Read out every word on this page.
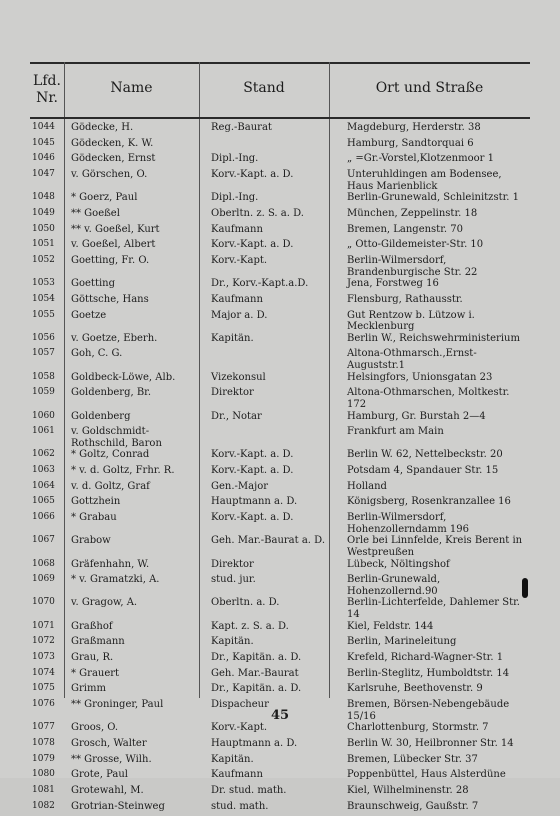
Lfd.
Nr.
Name	Stand	Ort und Straße
1044	Gödecke, H.	Reg.-Baurat	Magdeburg, Herderstr. 38
1045	Gödecken, K. W.		Hamburg, Sandtorquai 6
1046	Gödecken, Ernst	Dipl.-Ing.	„ =Gr.-Vorstel,Klotzenmoor 1
1047	v. Görschen, O.	Korv.-Kapt. a. D.	Unteruhldingen am Bodensee, Haus Marienblick
1048	* Goerz, Paul	Dipl.-Ing.	Berlin-Grunewald, Schleinitzstr. 1
1049	** Goeßel	Oberltn. z. S. a. D.	München, Zeppelinstr. 18
1050	** v. Goeßel, Kurt	Kaufmann	Bremen, Langenstr. 70
1051	v. Goeßel, Albert	Korv.-Kapt. a. D.	„ Otto-Gildemeister-Str. 10
1052	Goetting, Fr. O.	Korv.-Kapt.	Berlin-Wilmersdorf, Brandenburgische Str. 22
1053	Goetting	Dr., Korv.-Kapt.a.D.	Jena, Forstweg 16
1054	Göttsche, Hans	Kaufmann	Flensburg, Rathausstr.
1055	Goetze	Major a. D.	Gut Rentzow b. Lützow i. Mecklenburg
1056	v. Goetze, Eberh.	Kapitän.	Berlin W., Reichswehrministerium
1057	Goh, C. G.		Altona-Othmarsch.,Ernst-Auguststr.1
1058	Goldbeck-Löwe, Alb.	Vizekonsul	Helsingfors, Unionsgatan 23
1059	Goldenberg, Br.	Direktor	Altona-Othmarschen, Moltkestr. 172
1060	Goldenberg	Dr., Notar	Hamburg, Gr. Burstah 2—4
1061	v. Goldschmidt-Rothschild, Baron		Frankfurt am Main
1062	* Goltz, Conrad	Korv.-Kapt. a. D.	Berlin W. 62, Nettelbeckstr. 20
1063	* v. d. Goltz, Frhr. R.	Korv.-Kapt. a. D.	Potsdam 4, Spandauer Str. 15
1064	v. d. Goltz, Graf	Gen.-Major	Holland
1065	Gottzhein	Hauptmann a. D.	Königsberg, Rosenkranzallee 16
1066	* Grabau	Korv.-Kapt. a. D.	Berlin-Wilmersdorf, Hohenzollerndamm 196
1067	Grabow	Geh. Mar.-Baurat a. D.	Orle bei Linnfelde, Kreis Berent in Westpreußen
1068	Gräfenhahn, W.	Direktor	Lübeck, Nöltingshof
1069	* v. Gramatzki, A.	stud. jur.	Berlin-Grunewald, Hohenzollernd.90
1070	v. Gragow, A.	Oberltn. a. D.	Berlin-Lichterfelde, Dahlemer Str. 14
1071	Graßhof	Kapt. z. S. a. D.	Kiel, Feldstr. 144
1072	Graßmann	Kapitän.	Berlin, Marineleitung
1073	Grau, R.	Dr., Kapitän. a. D.	Krefeld, Richard-Wagner-Str. 1
1074	* Grauert	Geh. Mar.-Baurat	Berlin-Steglitz, Humboldtstr. 14
1075	Grimm	Dr., Kapitän. a. D.	Karlsruhe, Beethovenstr. 9
1076	** Groninger, Paul	Dispacheur	Bremen, Börsen-Nebengebäude 15/16
1077	Groos, O.	Korv.-Kapt.	Charlottenburg, Stormstr. 7
1078	Grosch, Walter	Hauptmann a. D.	Berlin W. 30, Heilbronner Str. 14
1079	** Grosse, Wilh.	Kapitän.	Bremen, Lübecker Str. 37
1080	Grote, Paul	Kaufmann	Poppenbüttel, Haus Alsterdüne
1081	Grotewahl, M.	Dr. stud. math.	Kiel, Wilhelminenstr. 28
1082	Grotrian-Steinweg	stud. math.	Braunschweig, Gaußstr. 7
45
